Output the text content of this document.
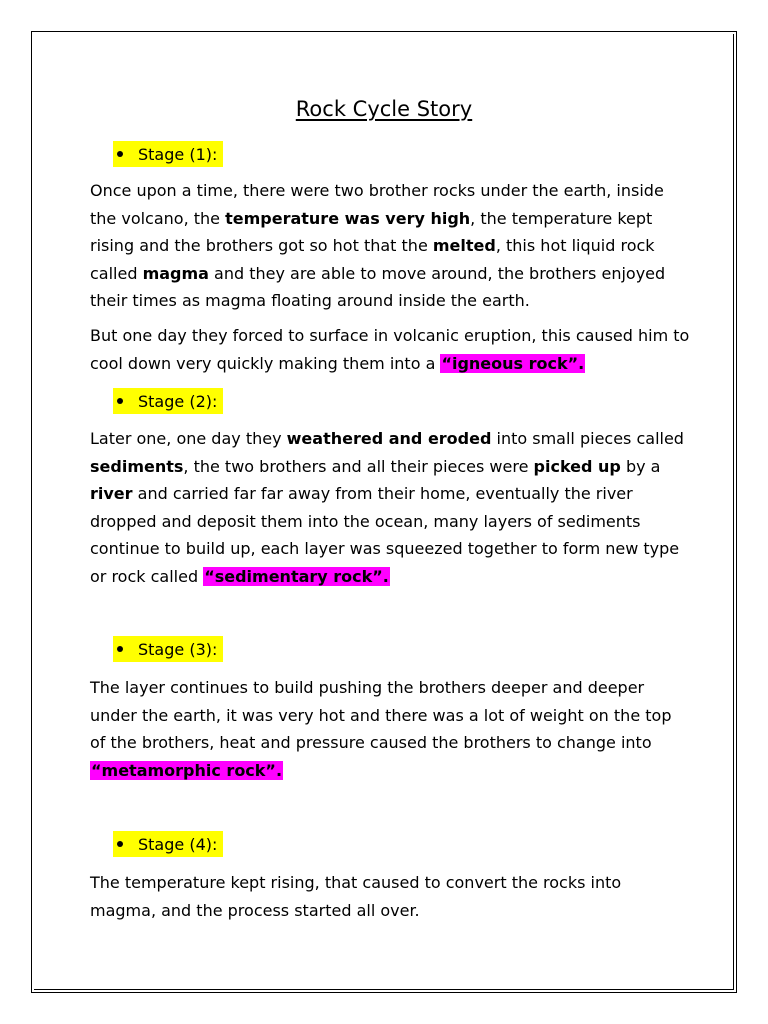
Rock Cycle Story
Stage (1):

Once upon a time, there were two brother rocks under the earth, inside the volcano, the temperature was very high, the temperature kept rising and the brothers got so hot that the melted, this hot liquid rock called magma and they are able to move around, the brothers enjoyed their times as magma floating around inside the earth.

But one day they forced to surface in volcanic eruption, this caused him to cool down very quickly making them into a “igneous rock”.

Stage (2):

Later one, one day they weathered and eroded into small pieces called sediments, the two brothers and all their pieces were picked up by a river and carried far far away from their home, eventually the river dropped and deposit them into the ocean, many layers of sediments continue to build up, each layer was squeezed together to form new type or rock called “sedimentary rock”.

Stage (3):

The layer continues to build pushing the brothers deeper and deeper under the earth, it was very hot and there was a lot of weight on the top of the brothers, heat and pressure caused the brothers to change into “metamorphic rock”.

Stage (4):

The temperature kept rising, that caused to convert the rocks into magma, and the process started all over.
